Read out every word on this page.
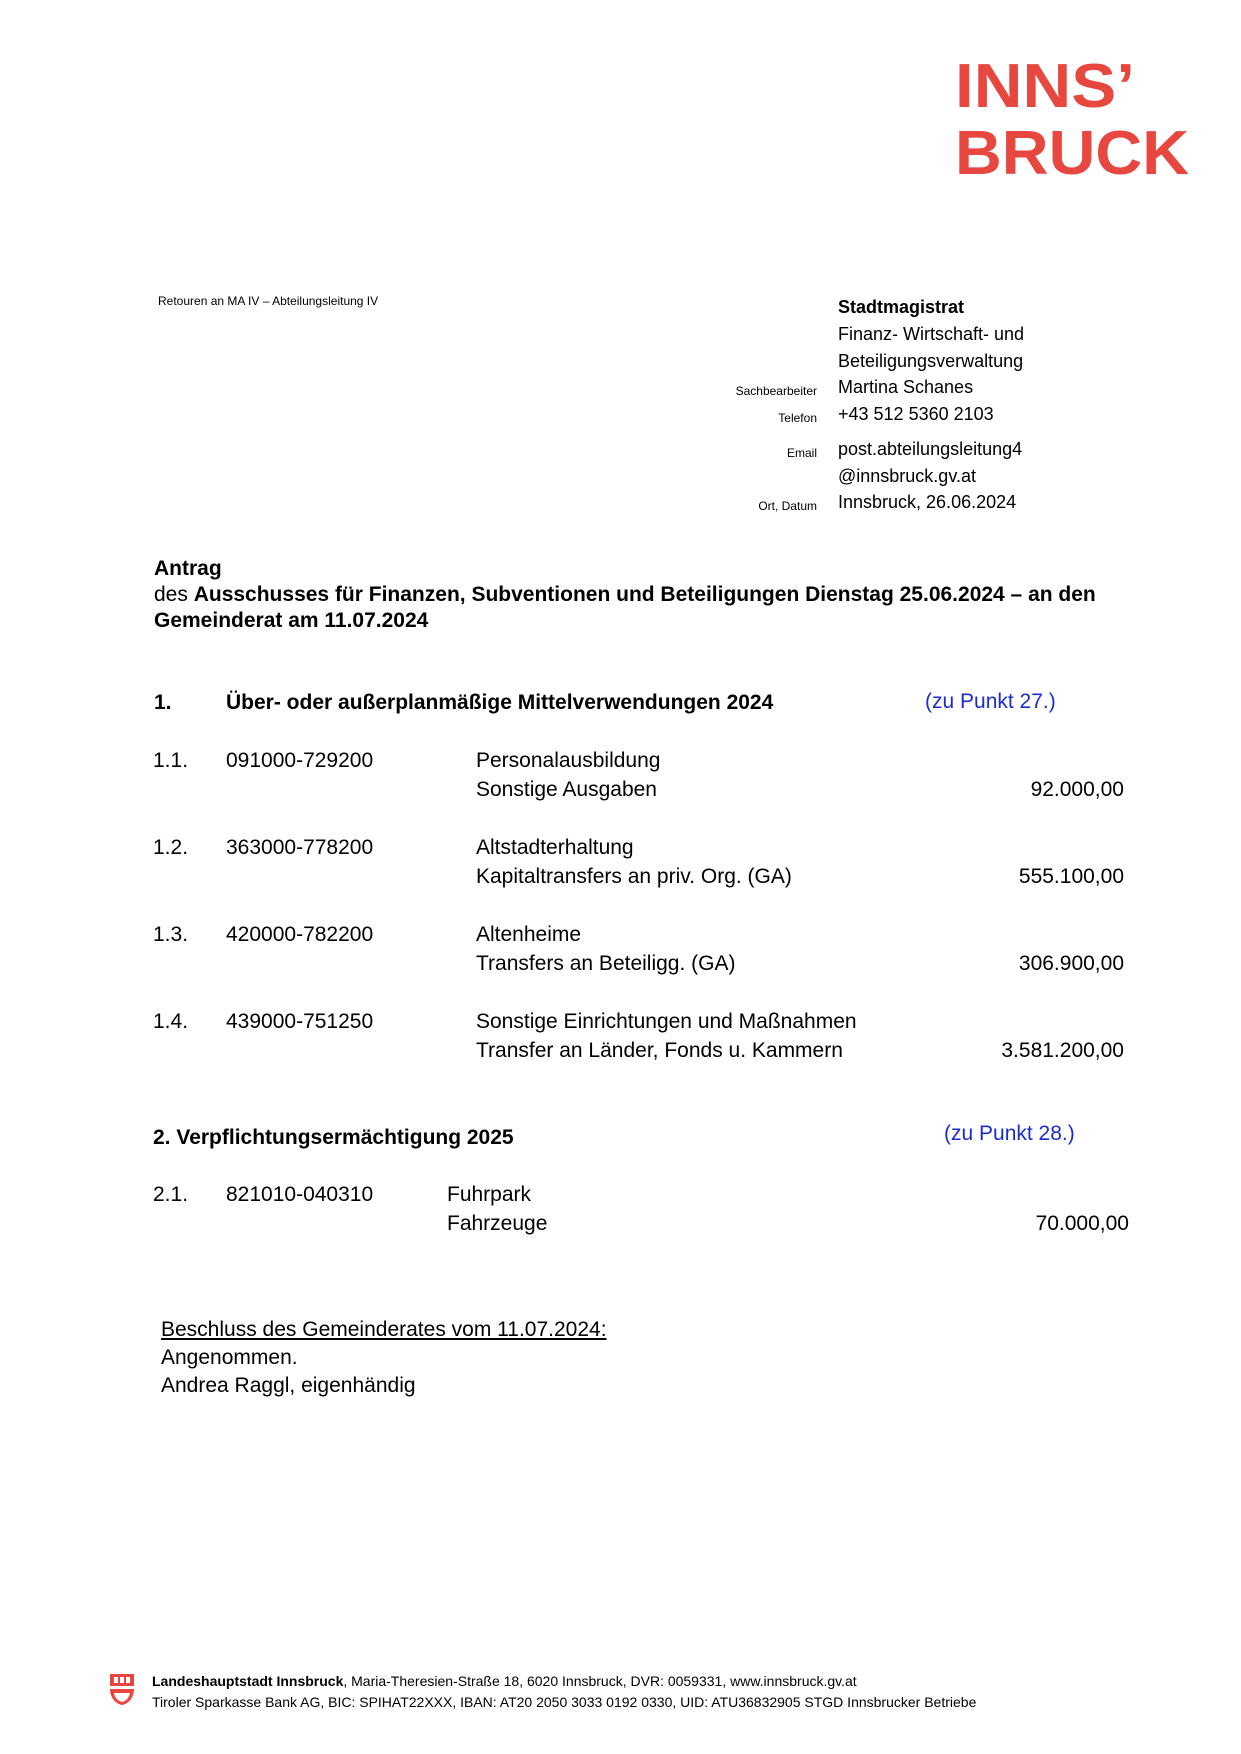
INNS’
BRUCK
Retouren an MA IV – Abteilungsleitung IV	Stadtmagistrat
Finanz- Wirtschaft- und
Beteiligungsverwaltung
Sachbearbeiter Martina Schanes
Telefon +43 512 5360 2103
Email post.abteilungsleitung4
@innsbruck.gv.at
Ort, Datum Innsbruck, 26.06.2024
Antrag
des Ausschusses für Finanzen, Subventionen und Beteiligungen Dienstag 25.06.2024 – an den Gemeinderat am 11.07.2024
1.	Über- oder außerplanmäßige Mittelverwendungen 2024	(zu Punkt 27.)
1.1. 091000-729200	Personalausbildung
Sonstige Ausgaben	92.000,00
1.2. 363000-778200	Altstadterhaltung
Kapitaltransfers an priv. Org. (GA)	555.100,00
1.3. 420000-782200	Altenheime
Transfers an Beteiligg. (GA)	306.900,00
1.4. 439000-751250	Sonstige Einrichtungen und Maßnahmen
Transfer an Länder, Fonds u. Kammern	3.581.200,00
2. Verpflichtungsermächtigung 2025	(zu Punkt 28.)
2.1. 821010-040310	Fuhrpark
Fahrzeuge	70.000,00
Beschluss des Gemeinderates vom 11.07.2024:
Angenommen.
Andrea Raggl, eigenhändig
Landeshauptstadt Innsbruck, Maria-Theresien-Straße 18, 6020 Innsbruck, DVR: 0059331, www.innsbruck.gv.at
Tiroler Sparkasse Bank AG, BIC: SPIHAT22XXX, IBAN: AT20 2050 3033 0192 0330, UID: ATU36832905 STGD Innsbrucker Betriebe
